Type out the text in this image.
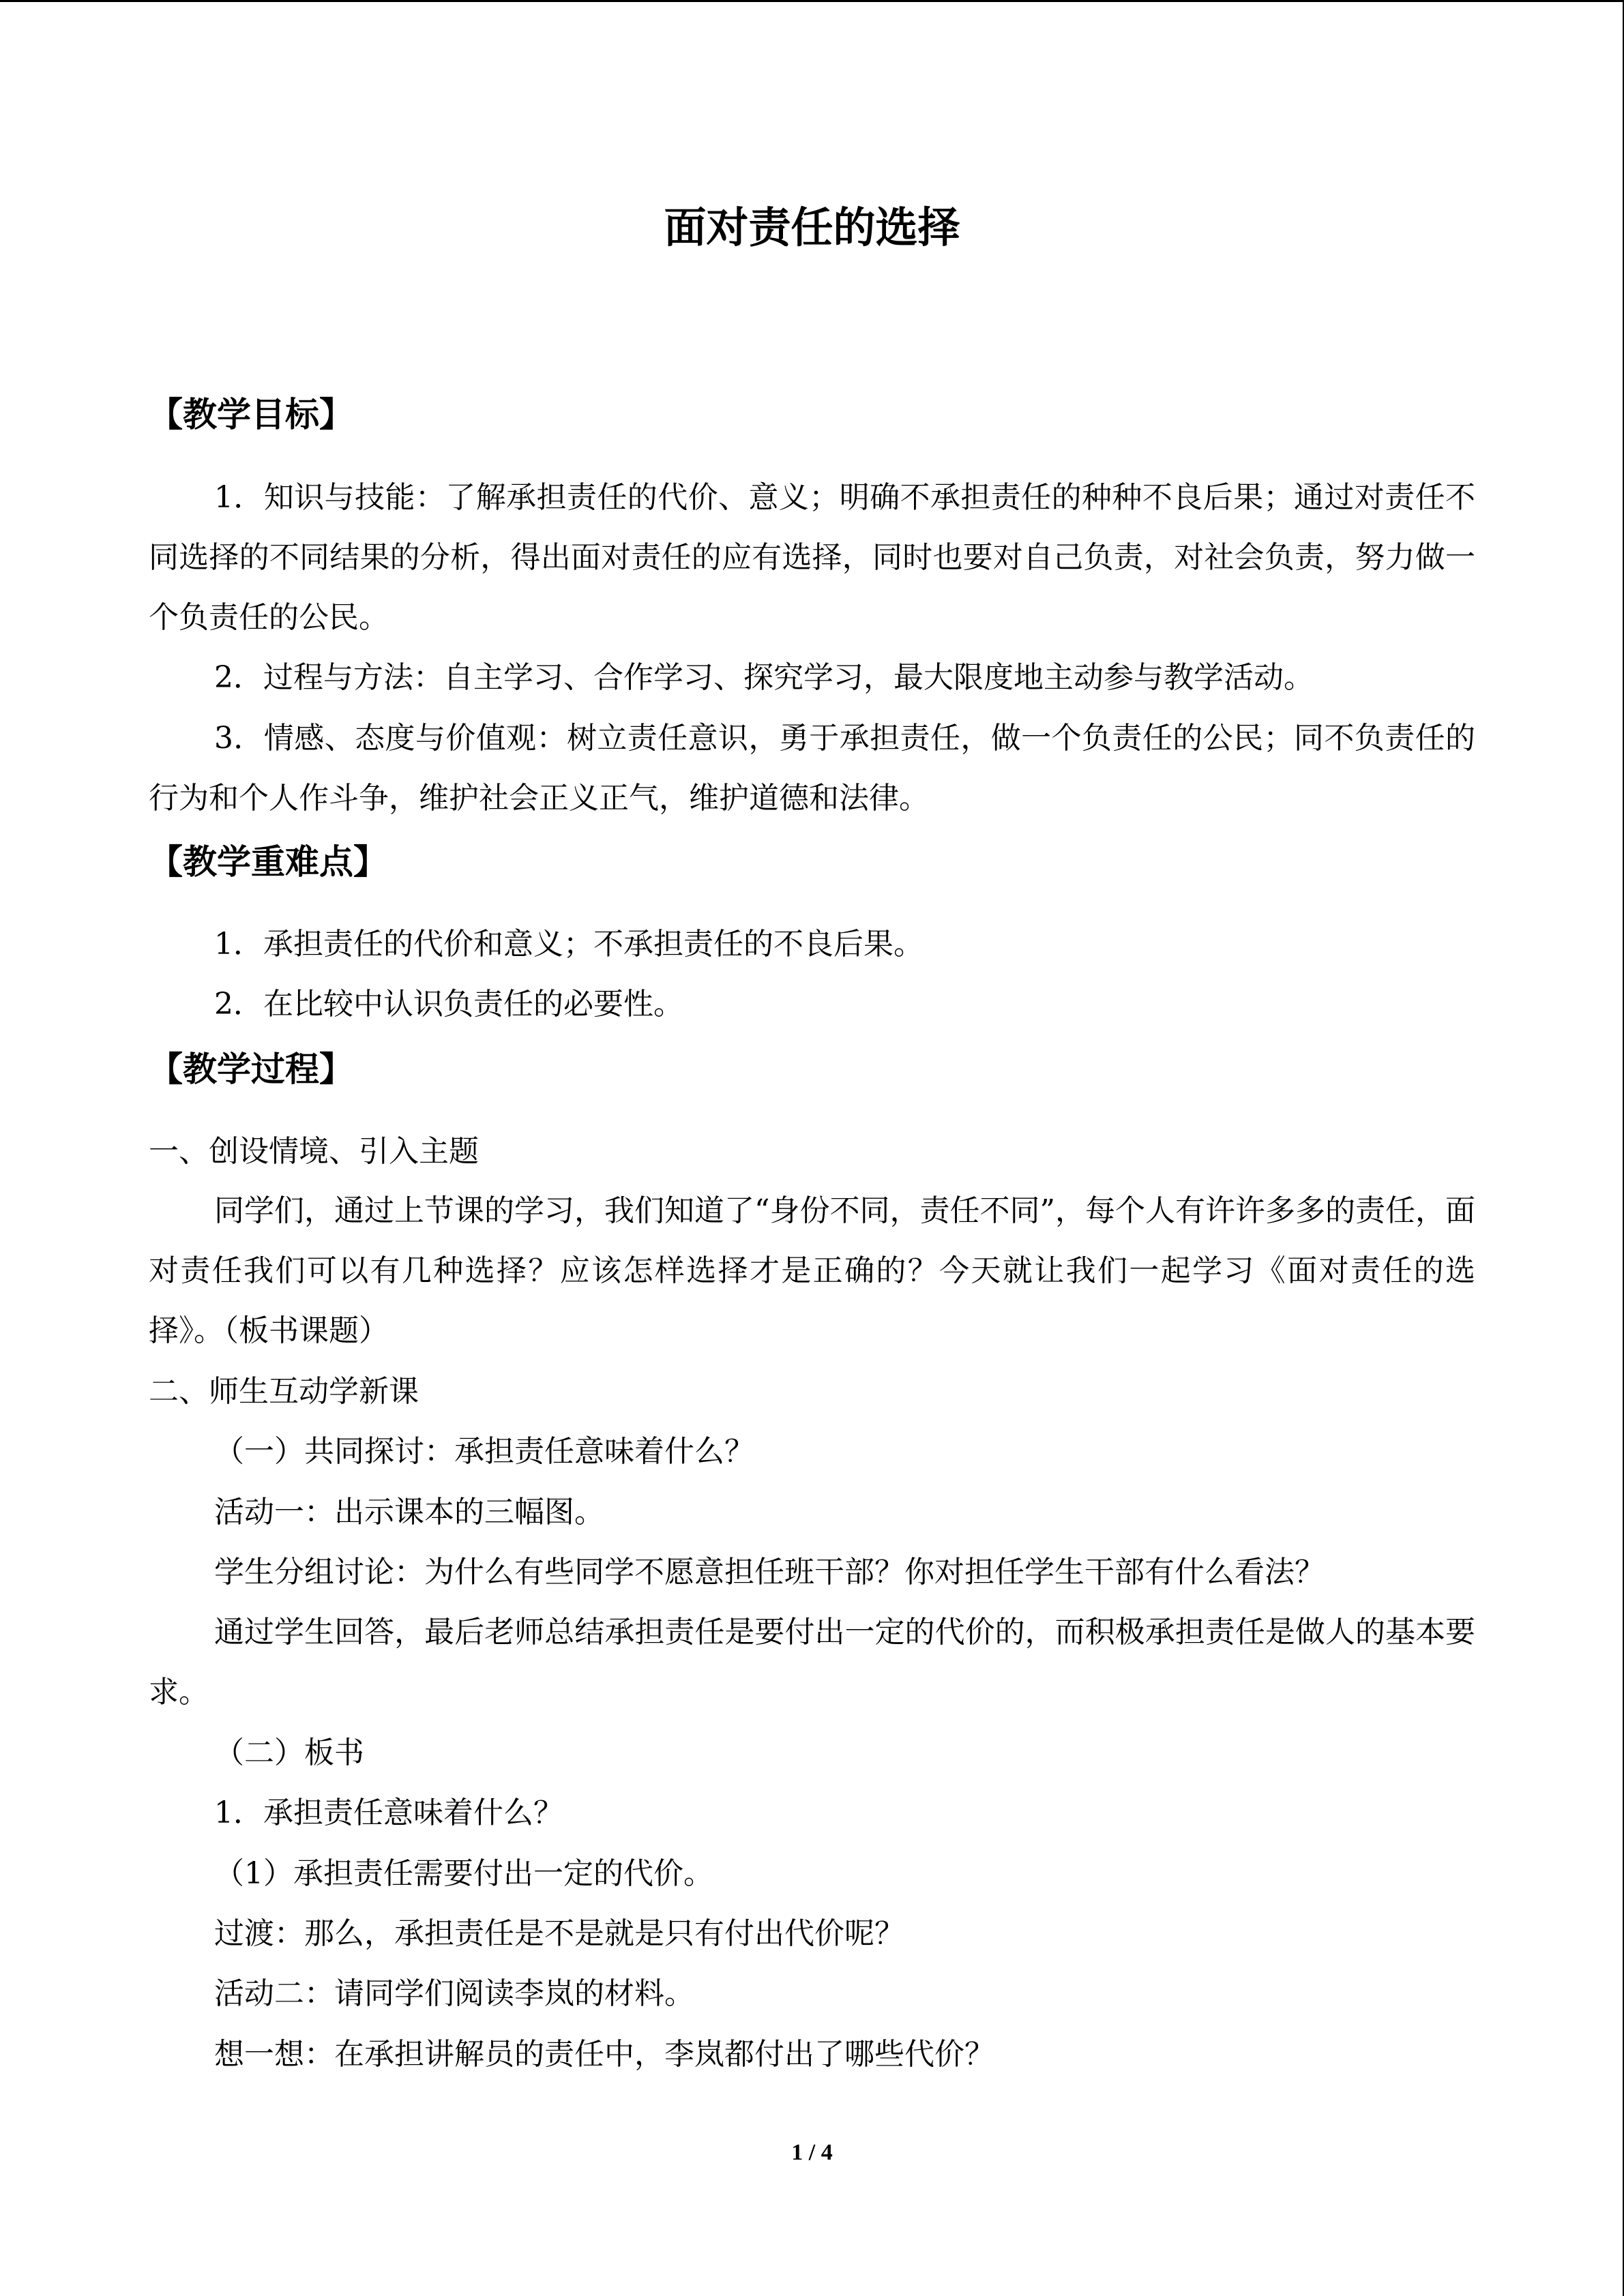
面对责任的选择
【教学目标】
1．知识与技能：了解承担责任的代价、意义；明确不承担责任的种种不良后果；通过对责任不同选择的不同结果的分析，得出面对责任的应有选择，同时也要对自己负责，对社会负责，努力做一个负责任的公民。
2．过程与方法：自主学习、合作学习、探究学习，最大限度地主动参与教学活动。
3．情感、态度与价值观：树立责任意识，勇于承担责任，做一个负责任的公民；同不负责任的行为和个人作斗争，维护社会正义正气，维护道德和法律。
【教学重难点】
1．承担责任的代价和意义；不承担责任的不良后果。
2．在比较中认识负责任的必要性。
【教学过程】
一、创设情境、引入主题
同学们，通过上节课的学习，我们知道了“身份不同，责任不同”，每个人有许许多多的责任，面对责任我们可以有几种选择？应该怎样选择才是正确的？今天就让我们一起学习《面对责任的选择》。（板书课题）
二、师生互动学新课
（一）共同探讨：承担责任意味着什么？
活动一：出示课本的三幅图。
学生分组讨论：为什么有些同学不愿意担任班干部？你对担任学生干部有什么看法？
通过学生回答，最后老师总结承担责任是要付出一定的代价的，而积极承担责任是做人的基本要求。
（二）板书
1．承担责任意味着什么？
（1）承担责任需要付出一定的代价。
过渡：那么，承担责任是不是就是只有付出代价呢？
活动二：请同学们阅读李岚的材料。
想一想：在承担讲解员的责任中，李岚都付出了哪些代价？
1 / 4
